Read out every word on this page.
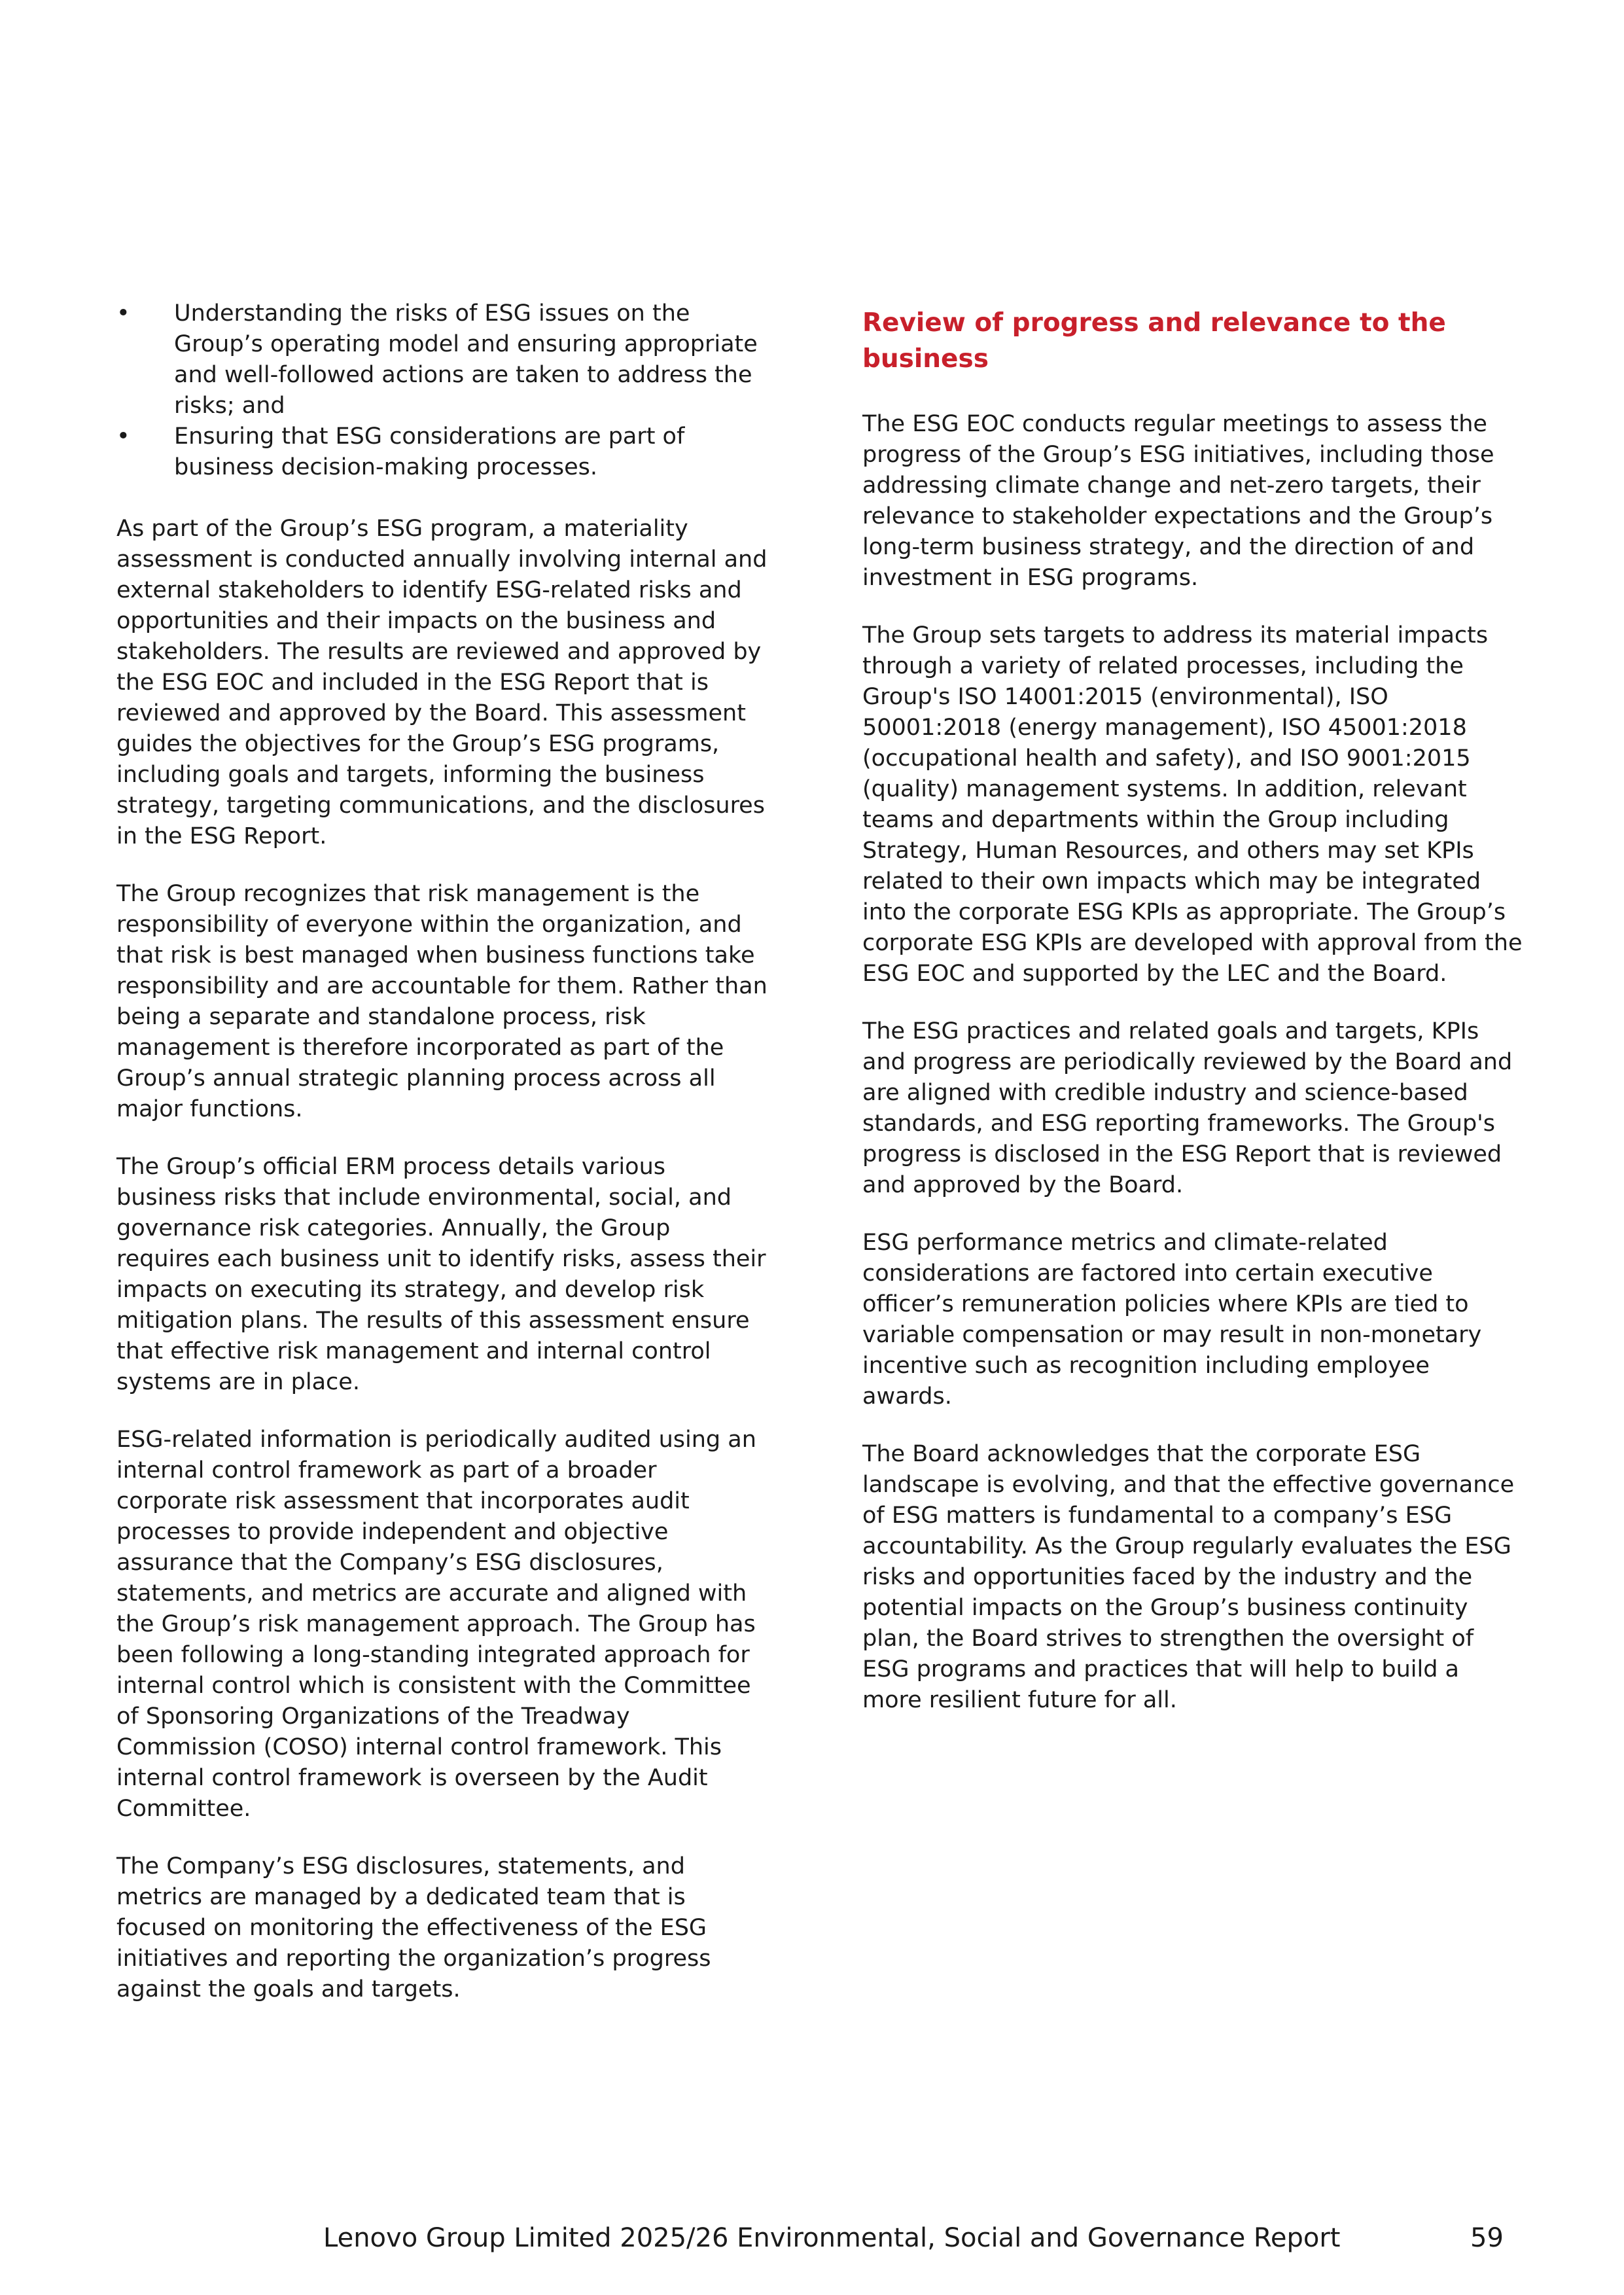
•	Understanding the risks of ESG issues on the Group’s operating model and ensuring appropriate and well-followed actions are taken to address the risks; and
•	Ensuring that ESG considerations are part of business decision-making processes.

As part of the Group’s ESG program, a materiality assessment is conducted annually involving internal and external stakeholders to identify ESG-related risks and opportunities and their impacts on the business and stakeholders. The results are reviewed and approved by the ESG EOC and included in the ESG Report that is reviewed and approved by the Board. This assessment guides the objectives for the Group’s ESG programs, including goals and targets, informing the business strategy, targeting communications, and the disclosures in the ESG Report.

The Group recognizes that risk management is the responsibility of everyone within the organization, and that risk is best managed when business functions take responsibility and are accountable for them. Rather than being a separate and standalone process, risk management is therefore incorporated as part of the Group’s annual strategic planning process across all major functions.

The Group’s official ERM process details various business risks that include environmental, social, and governance risk categories. Annually, the Group requires each business unit to identify risks, assess their impacts on executing its strategy, and develop risk mitigation plans. The results of this assessment ensure that effective risk management and internal control systems are in place.

ESG-related information is periodically audited using an internal control framework as part of a broader corporate risk assessment that incorporates audit processes to provide independent and objective assurance that the Company’s ESG disclosures, statements, and metrics are accurate and aligned with the Group’s risk management approach. The Group has been following a long-standing integrated approach for internal control which is consistent with the Committee of Sponsoring Organizations of the Treadway Commission (COSO) internal control framework. This internal control framework is overseen by the Audit Committee.

The Company’s ESG disclosures, statements, and metrics are managed by a dedicated team that is focused on monitoring the effectiveness of the ESG initiatives and reporting the organization’s progress against the goals and targets.

Review of progress and relevance to the business

The ESG EOC conducts regular meetings to assess the progress of the Group’s ESG initiatives, including those addressing climate change and net-zero targets, their relevance to stakeholder expectations and the Group’s long-term business strategy, and the direction of and investment in ESG programs.

The Group sets targets to address its material impacts through a variety of related processes, including the Group's ISO 14001:2015 (environmental), ISO 50001:2018 (energy management), ISO 45001:2018 (occupational health and safety), and ISO 9001:2015 (quality) management systems. In addition, relevant teams and departments within the Group including Strategy, Human Resources, and others may set KPIs related to their own impacts which may be integrated into the corporate ESG KPIs as appropriate. The Group’s corporate ESG KPIs are developed with approval from the ESG EOC and supported by the LEC and the Board.

The ESG practices and related goals and targets, KPIs and progress are periodically reviewed by the Board and are aligned with credible industry and science-based standards, and ESG reporting frameworks. The Group's progress is disclosed in the ESG Report that is reviewed and approved by the Board.

ESG performance metrics and climate-related considerations are factored into certain executive officer’s remuneration policies where KPIs are tied to variable compensation or may result in non-monetary incentive such as recognition including employee awards.

The Board acknowledges that the corporate ESG landscape is evolving, and that the effective governance of ESG matters is fundamental to a company’s ESG accountability. As the Group regularly evaluates the ESG risks and opportunities faced by the industry and the potential impacts on the Group’s business continuity plan, the Board strives to strengthen the oversight of ESG programs and practices that will help to build a more resilient future for all.

Lenovo Group Limited 2025/26 Environmental, Social and Governance Report	59
